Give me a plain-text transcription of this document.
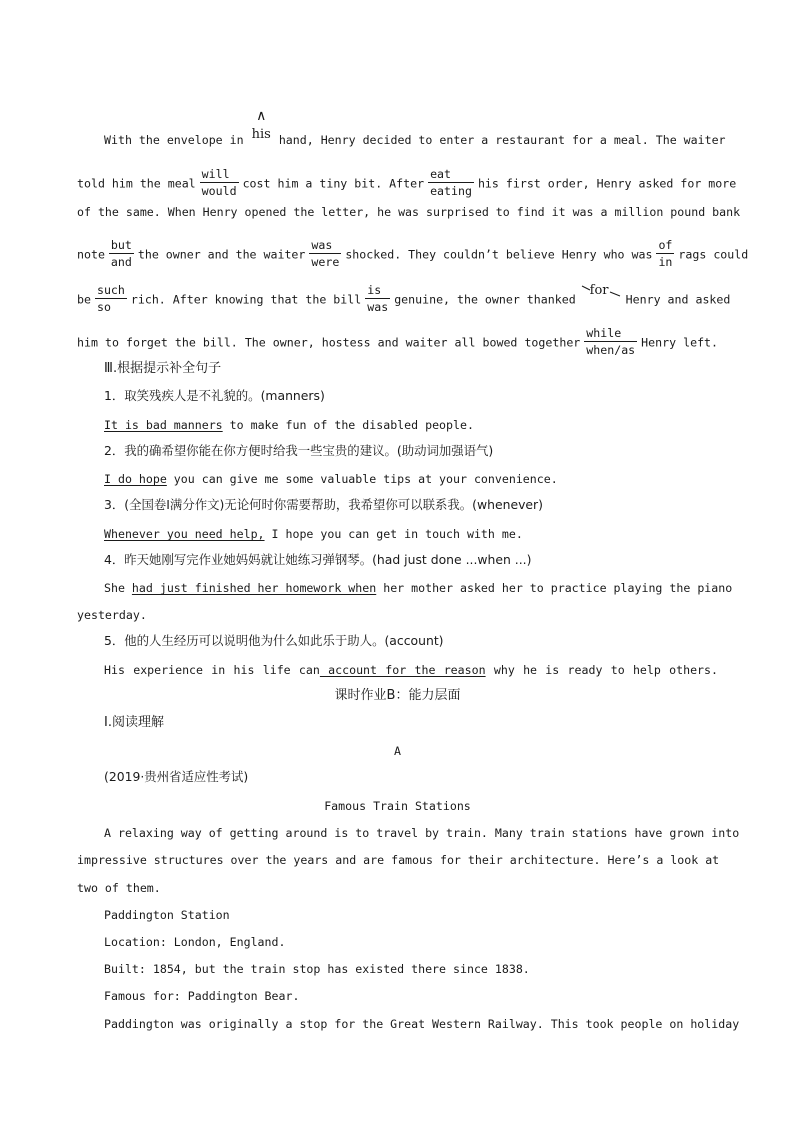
With the envelope in
∧
his hand, Henry decided to enter a restaurant for a meal. The waiter
told him the meal $\frac{\text{will}}{\text{would}}$ cost him a tiny bit. After $\frac{\text{eat}}{\text{eating}}$ his first order, Henry asked for more
of the same. When Henry opened the letter, he was surprised to find it was a million pound bank
note $\frac{\text{but}}{\text{and}}$ the owner and the waiter $\frac{\text{was}}{\text{were}}$ shocked. They couldn’t believe Henry who was $\frac{of}{in}$ rags could
be $\frac{\text{such}}{so}$ rich. After knowing that the bill $\frac{is}{\text{was}}$ genuine, the owner thanked
for
Henry and asked
him to forget the bill. The owner, hostess and waiter all bowed together $\frac{\text{while}}{\text{when/as}}$ Henry left.
Ⅲ.根据提示补全句子
1．取笑残疾人是不礼貌的。(manners)
It is bad manners to make fun of the disabled people.
2．我的确希望你能在你方便时给我一些宝贵的建议。(助动词加强语气)
I do hope you can give me some valuable tips at your convenience.
3．(全国卷Ⅰ满分作文)无论何时你需要帮助，我希望你可以联系我。(whenever)
Whenever you need help, I hope you can get in touch with me.
4．昨天她刚写完作业她妈妈就让她练习弹钢琴。(had just done ...when ...)
She had just finished her homework when her mother asked her to practice playing the piano
yesterday.
5．他的人生经历可以说明他为什么如此乐于助人。(account)
His experience in his life can account for the reason why he is ready to help others.
课时作业B：能力层面
Ⅰ.阅读理解
A
(2019·贵州省适应性考试)
Famous Train Stations
A relaxing way of getting around is to travel by train. Many train stations have grown into
impressive structures over the years and are famous for their architecture. Here’s a look at
two of them.
Paddington Station
Location: London, England.
Built: 1854, but the train stop has existed there since 1838.
Famous for: Paddington Bear.
Paddington was originally a stop for the Great Western Railway. This took people on holiday
